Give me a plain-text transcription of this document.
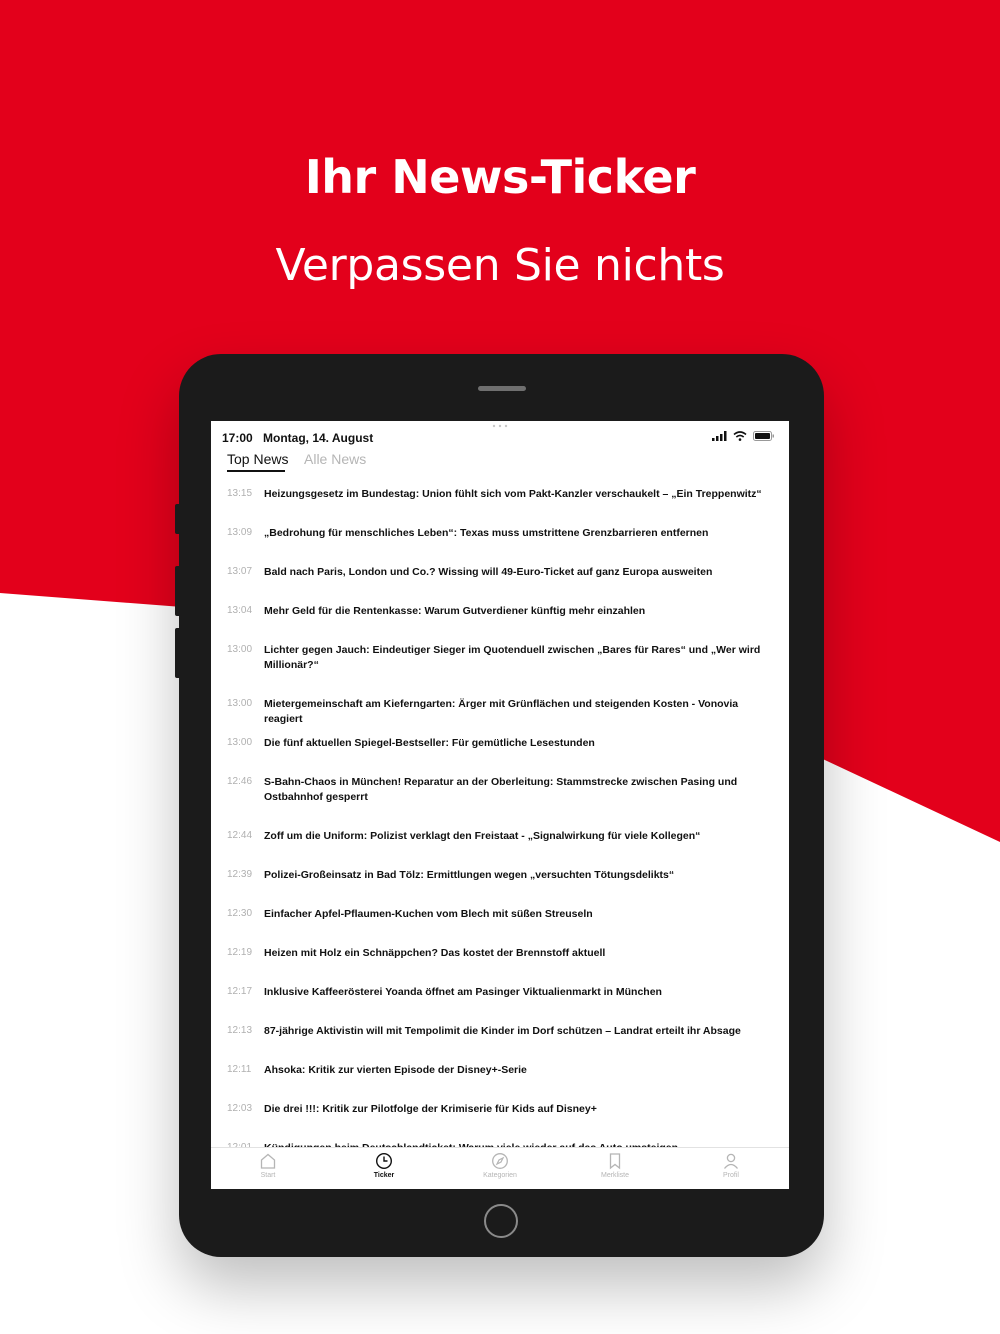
Ihr News-Ticker
Verpassen Sie nichts
17:00 Montag, 14. August
Top News Alle News
13:15 Heizungsgesetz im Bundestag: Union fühlt sich vom Pakt-Kanzler verschaukelt – „Ein Treppenwitz“
13:09 „Bedrohung für menschliches Leben“: Texas muss umstrittene Grenzbarrieren entfernen
13:07 Bald nach Paris, London und Co.? Wissing will 49-Euro-Ticket auf ganz Europa ausweiten
13:04 Mehr Geld für die Rentenkasse: Warum Gutverdiener künftig mehr einzahlen
13:00 Lichter gegen Jauch: Eindeutiger Sieger im Quotenduell zwischen „Bares für Rares“ und „Wer wird Millionär?“
13:00 Mietergemeinschaft am Kieferngarten: Ärger mit Grünflächen und steigenden Kosten - Vonovia reagiert
13:00 Die fünf aktuellen Spiegel-Bestseller: Für gemütliche Lesestunden
12:46 S-Bahn-Chaos in München! Reparatur an der Oberleitung: Stammstrecke zwischen Pasing und Ostbahnhof gesperrt
12:44 Zoff um die Uniform: Polizist verklagt den Freistaat - „Signalwirkung für viele Kollegen“
12:39 Polizei-Großeinsatz in Bad Tölz: Ermittlungen wegen „versuchten Tötungsdelikts“
12:30 Einfacher Apfel-Pflaumen-Kuchen vom Blech mit süßen Streuseln
12:19 Heizen mit Holz ein Schnäppchen? Das kostet der Brennstoff aktuell
12:17 Inklusive Kaffeerösterei Yoanda öffnet am Pasinger Viktualienmarkt in München
12:13 87-jährige Aktivistin will mit Tempolimit die Kinder im Dorf schützen – Landrat erteilt ihr Absage
12:11 Ahsoka: Kritik zur vierten Episode der Disney+-Serie
12:03 Die drei !!!: Kritik zur Pilotfolge der Krimiserie für Kids auf Disney+
Start	Ticker	Kategorien	Merkliste	Profil
